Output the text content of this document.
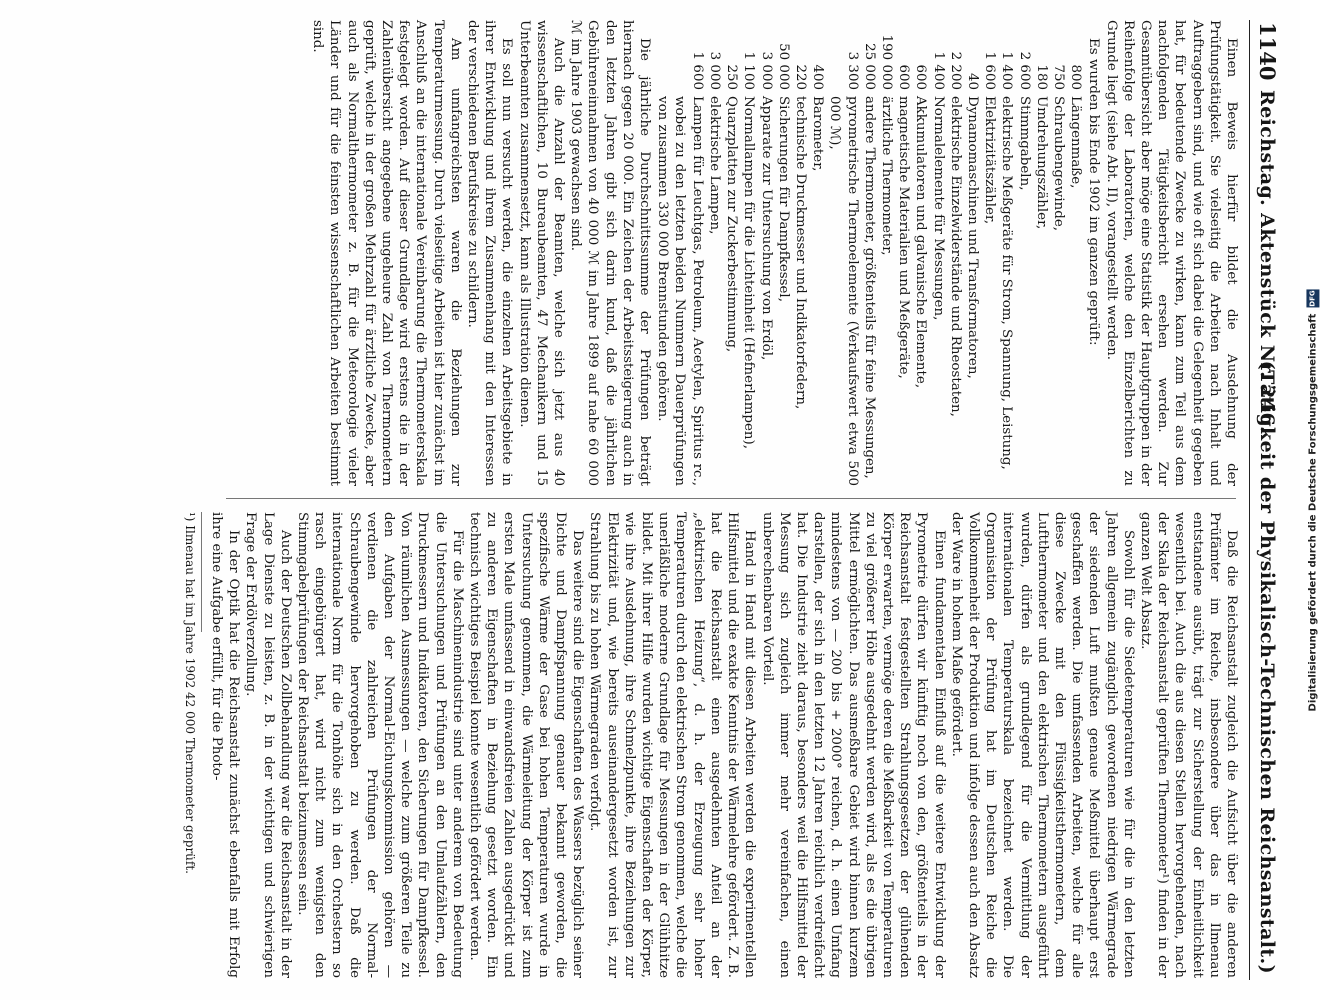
1140
Reichstag. Aktenstück Nr. 246.
(Tätigkeit der Physikalisch-Technischen Reichsanstalt.)

Einen Beweis hierfür bildet die Ausdehnung der Prüfungstätigkeit. Sie vielseitig die Arbeiten nach Inhalt und Auftraggebern sind, und wie oft sich dabei die Gelegenheit gegeben hat, für bedeutende Zwecke zu wirken, kann zum Teil aus dem nachfolgenden Tätigkeitsbericht ersehen werden. Zur Gesamtübersicht aber möge eine Statistik der Hauptgruppen in der Reihenfolge der Laboratorien, welche den Einzelberichten zu Grunde liegt (siehe Abt. II), vorangestellt werden.

Es wurden bis Ende 1902 im ganzen geprüft:

800
Längenmaße,
750
Schraubengewinde,
180
Umdrehungszähler,
2 600
Stimmgabeln,
1 400
elektrische Meßgeräte für Strom, Spannung, Leistung,
1 600
Elektrizitätszähler,
40
Dynamomaschinen und Transformatoren,
2 200
elektrische Einzelwiderstände und Rheostaten,
1 400
Normalelemente für Messungen,
600
Akkumulatoren und galvanische Elemente,
600
magnetische Materialien und Meßgeräte,
190 000
ärztliche Thermometer,
25 000
andere Thermometer, größtenteils für feine Messungen,
3 300
pyrometrische Thermoelemente (Verkaufswert etwa 500 000 ℳ),
400
Barometer,
220
technische Druckmesser und Indikatorfedern,
50 000
Sicherungen für Dampfkessel,
3 000
Apparate zur Untersuchung von Erdöl,
1 100
Normallampen für die Lichteinheit (Hefnerlampen),
250
Quarzplatten zur Zuckerbestimmung,
3 000
elektrische Lampen,
1 600
Lampen für Leuchtgas, Petroleum, Acetylen, Spiritus rc., wobei zu den letzten beiden Nummern Dauerprüfungen von zusammen 330 000 Brennstunden gehören.

Die jährliche Durchschnittssumme der Prüfungen beträgt hiernach gegen 20 000. Ein Zeichen der Arbeitssteigerung auch in den letzten Jahren gibt sich darin kund, daß die jährlichen Gebühreneinnahmen von 40 000 ℳ im Jahre 1899 auf nahe 60 000 ℳ im Jahre 1903 gewachsen sind.

Auch die Anzahl der Beamten, welche sich jetzt aus 40 wissenschaftlichen, 10 Bureaubeamten, 47 Mechanikern und 15 Unterbeamten zusammensetzt, kann als Illustration dienen.

Es soll nun versucht werden, die einzelnen Arbeitsgebiete in ihrer Entwicklung und ihrem Zusammenhang mit den Interessen der verschiedenen Berufskreise zu schildern.

Am umfangreichsten waren die Beziehungen zur Temperaturmessung. Durch vielseitige Arbeiten ist hier zunächst im Anschluß an die internationale Vereinbarung die Thermometerskala festgelegt worden. Auf dieser Grundlage wird erstens die in der Zahlenübersicht angegebene ungeheure Zahl von Thermometern geprüft, welche in der großen Mehrzahl für ärztliche Zwecke, aber auch als Normalthermometer z. B. für die Meteorologie vieler Länder und für die feinsten wissenschaftlichen Arbeiten bestimmt sind.

Daß die Reichsanstalt zugleich die Aufsicht über die anderen Prüfämter im Reiche, insbesondere über das in Ilmenau entstandene ausübt, trägt zur Sicherstellung der Einheitlichkeit wesentlich bei. Auch die aus diesen Stellen hervorgehenden, nach der Skala der Reichsanstalt geprüften Thermometer¹) finden in der ganzen Welt Absatz.

Sowohl für die Siedetemperaturen wie für die in den letzten Jahren allgemein zugänglich gewordenen niedrigen Wärmegrade der siedenden Luft mußten genaue Meßmittel überhaupt erst geschaffen werden. Die umfassenden Arbeiten, welche für alle diese Zwecke mit den Flüssigkeitsthermometern, dem Luftthermometer und den elektrischen Thermometern ausgeführt wurden, dürfen als grundlegend für die Vermittlung der internationalen Temperaturskala bezeichnet werden. Die Organisation der Prüfung hat im Deutschen Reiche die Vollkommenheit der Produktion und infolge dessen auch den Absatz der Ware in hohem Maße gefördert.

Einen fundamentalen Einfluß auf die weitere Entwicklung der Pyrometrie dürfen wir künftig noch von den, größtenteils in der Reichsanstalt festgestellten Strahlungsgesetzen der glühenden Körper erwarten, vermöge deren die Meßbarkeit von Temperaturen zu viel größerer Höhe ausgedehnt werden wird, als es die übrigen Mittel ermöglichten. Das ausmeßbare Gebiet wird binnen kurzem mindestens von — 200 bis + 2000° reichen, d. h. einen Umfang darstellen, der sich in den letzten 12 Jahren reichlich verdreifacht hat. Die Industrie zieht daraus, besonders weil die Hilfsmittel der Messung sich zugleich immer mehr vereinfachen, einen unberechenbaren Vorteil.

Hand in Hand mit diesen Arbeiten werden die experimentellen Hilfsmittel und die exakte Kenntnis der Wärmelehre gefördert. Z. B. hat die Reichsanstalt einen ausgedehnten Anteil an der „elektrischen Heizung“, d. h. der Erzeugung sehr hoher Temperaturen durch den elektrischen Strom genommen, welche die unerläßliche moderne Grundlage für Messungen in der Glühhitze bildet. Mit ihrer Hilfe wurden wichtige Eigenschaften der Körper, wie ihre Ausdehnung, ihre Schmelzpunkte, ihre Beziehungen zur Elektrizität und, wie bereits auseinandergesetzt worden ist, zur Strahlung bis zu hohen Wärmegraden verfolgt.

Das weitere sind die Eigenschaften des Wassers bezüglich seiner Dichte und Dampfspannung genauer bekannt geworden, die spezifische Wärme der Gase bei hohen Temperaturen wurde in Untersuchung genommen, die Wärmeleitung der Körper ist zum ersten Male umfassend in einwandsfreien Zahlen ausgedrückt und zu anderen Eigenschaften in Beziehung gesetzt worden. Ein technisch wichtiges Beispiel konnte wesentlich gefördert werden.

Für die Maschinenindustrie sind unter anderem von Bedeutung die Untersuchungen und Prüfungen an den Umlaufzählern, den Druckmessern und Indikatoren, den Sicherungen für Dampfkessel. Von räumlichen Ausmessungen — welche zum größeren Teile zu den Aufgaben der Normal-Eichungskommission gehören — verdienen die zahlreichen Prüfungen der Normal-Schraubengewinde hervorgehoben zu werden. Daß die internationale Norm für die Tonhöhe sich in den Orchestern so rasch eingebürgert hat, wird nicht zum wenigsten den Stimmgabelprüfungen der Reichsanstalt beizumessen sein.

Auch der Deutschen Zollbehandlung war die Reichsanstalt in der Lage Dienste zu leisten, z. B. in der wichtigen und schwierigen Frage der Erdölverzollung.

In der Optik hat die Reichsanstalt zunächst ebenfalls mit Erfolg ihre eine Aufgabe erfüllt, für die Photo-

¹) Ilmenau hat im Jahre 1902 42 000 Thermometer geprüft.	Digitalisierung gefördert durch die Deutsche Forschungsgemeinschaft
DFG
